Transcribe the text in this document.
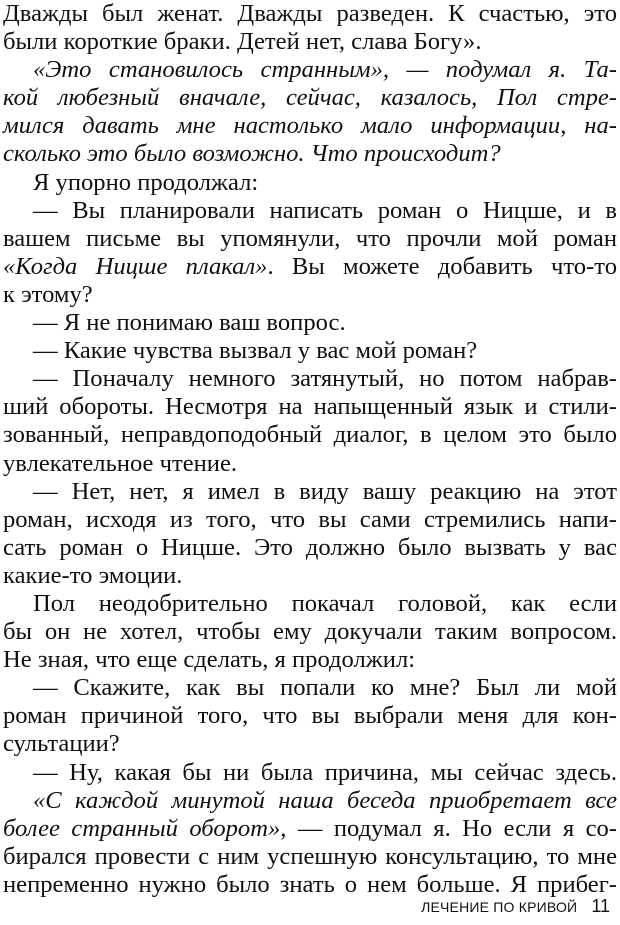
Дважды был женат. Дважды разведен. К счастью, это
были короткие браки. Детей нет, слава Богу».
«Это становилось странным», — подумал я. Та-
кой любезный вначале, сейчас, казалось, Пол стре-
мился давать мне настолько мало информации, на-
сколько это было возможно. Что происходит?
Я упорно продолжал:
— Вы планировали написать роман о Ницше, и в
вашем письме вы упомянули, что прочли мой роман
«Когда Ницше плакал». Вы можете добавить что-то
к этому?
— Я не понимаю ваш вопрос.
— Какие чувства вызвал у вас мой роман?
— Поначалу немного затянутый, но потом набрав-
ший обороты. Несмотря на напыщенный язык и стили-
зованный, неправдоподобный диалог, в целом это было
увлекательное чтение.
— Нет, нет, я имел в виду вашу реакцию на этот
роман, исходя из того, что вы сами стремились напи-
сать роман о Ницше. Это должно было вызвать у вас
какие-то эмоции.
Пол неодобрительно покачал головой, как если
бы он не хотел, чтобы ему докучали таким вопросом.
Не зная, что еще сделать, я продолжил:
— Скажите, как вы попали ко мне? Был ли мой
роман причиной того, что вы выбрали меня для кон-
сультации?
— Ну, какая бы ни была причина, мы сейчас здесь.
«С каждой минутой наша беседа приобретает все
более странный оборот», — подумал я. Но если я со-
бирался провести с ним успешную консультацию, то мне
непременно нужно было знать о нем больше. Я прибег-
ЛЕЧЕНИЕ ПО КРИВОЙ 11
